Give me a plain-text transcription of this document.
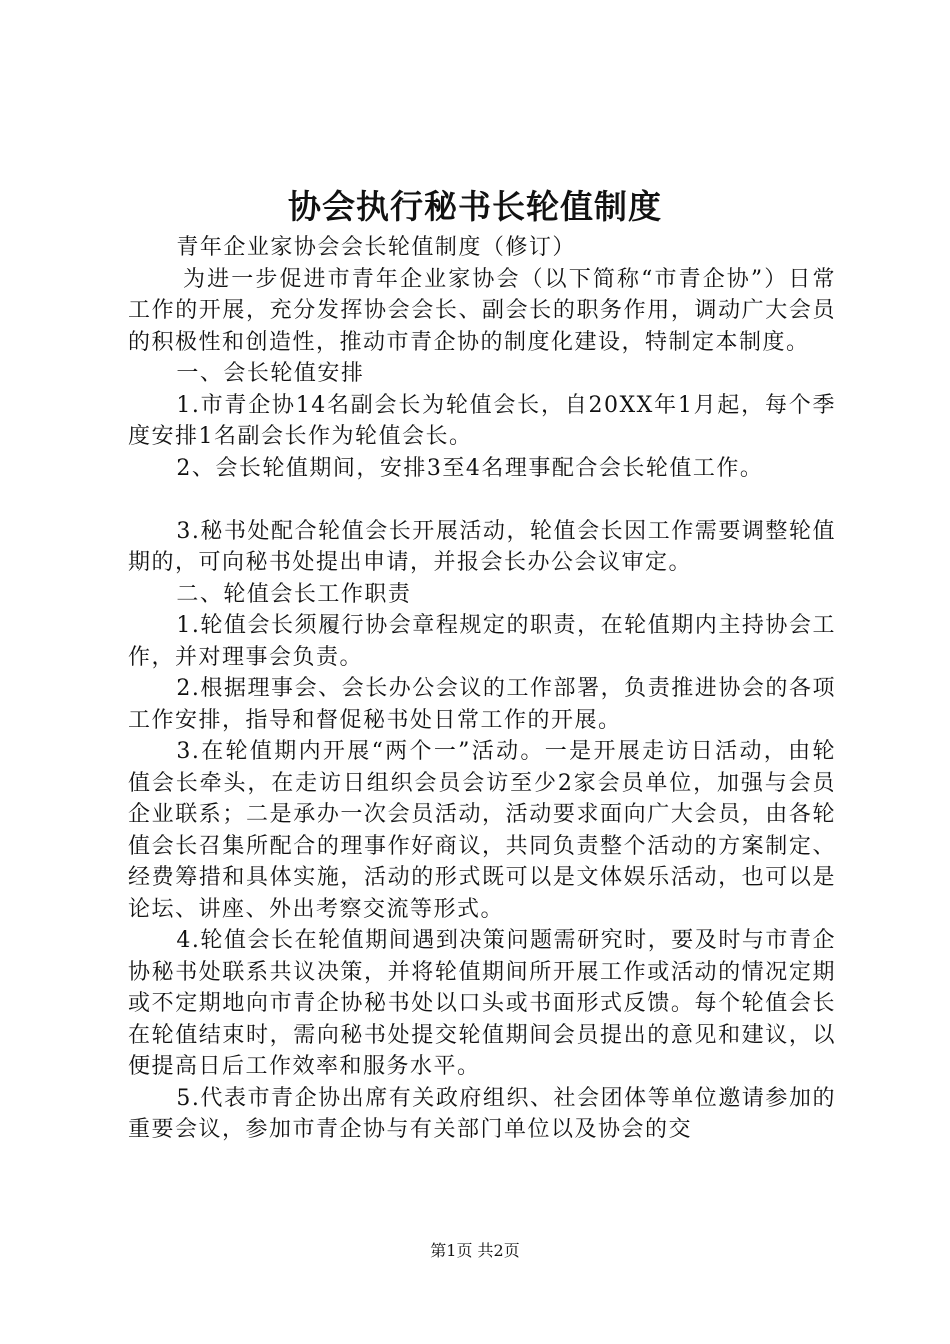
协会执行秘书长轮值制度

青年企业家协会会长轮值制度（修订）

为进一步促进市青年企业家协会（以下简称“市青企协”）日常工作的开展，充分发挥协会会长、副会长的职务作用，调动广大会员的积极性和创造性，推动市青企协的制度化建设，特制定本制度。

一、会长轮值安排

1.市青企协14名副会长为轮值会长，自20XX年1月起，每个季度安排1名副会长作为轮值会长。

2、会长轮值期间，安排3至4名理事配合会长轮值工作。

3.秘书处配合轮值会长开展活动，轮值会长因工作需要调整轮值期的，可向秘书处提出申请，并报会长办公会议审定。

二、轮值会长工作职责

1.轮值会长须履行协会章程规定的职责，在轮值期内主持协会工作，并对理事会负责。

2.根据理事会、会长办公会议的工作部署，负责推进协会的各项工作安排，指导和督促秘书处日常工作的开展。

3.在轮值期内开展“两个一”活动。一是开展走访日活动，由轮值会长牵头，在走访日组织会员会访至少2家会员单位，加强与会员企业联系；二是承办一次会员活动，活动要求面向广大会员，由各轮值会长召集所配合的理事作好商议，共同负责整个活动的方案制定、经费筹措和具体实施，活动的形式既可以是文体娱乐活动，也可以是论坛、讲座、外出考察交流等形式。

4.轮值会长在轮值期间遇到决策问题需研究时，要及时与市青企协秘书处联系共议决策，并将轮值期间所开展工作或活动的情况定期或不定期地向市青企协秘书处以口头或书面形式反馈。每个轮值会长在轮值结束时，需向秘书处提交轮值期间会员提出的意见和建议，以便提高日后工作效率和服务水平。

5.代表市青企协出席有关政府组织、社会团体等单位邀请参加的重要会议，参加市青企协与有关部门单位以及协会的交

第1页 共2页
